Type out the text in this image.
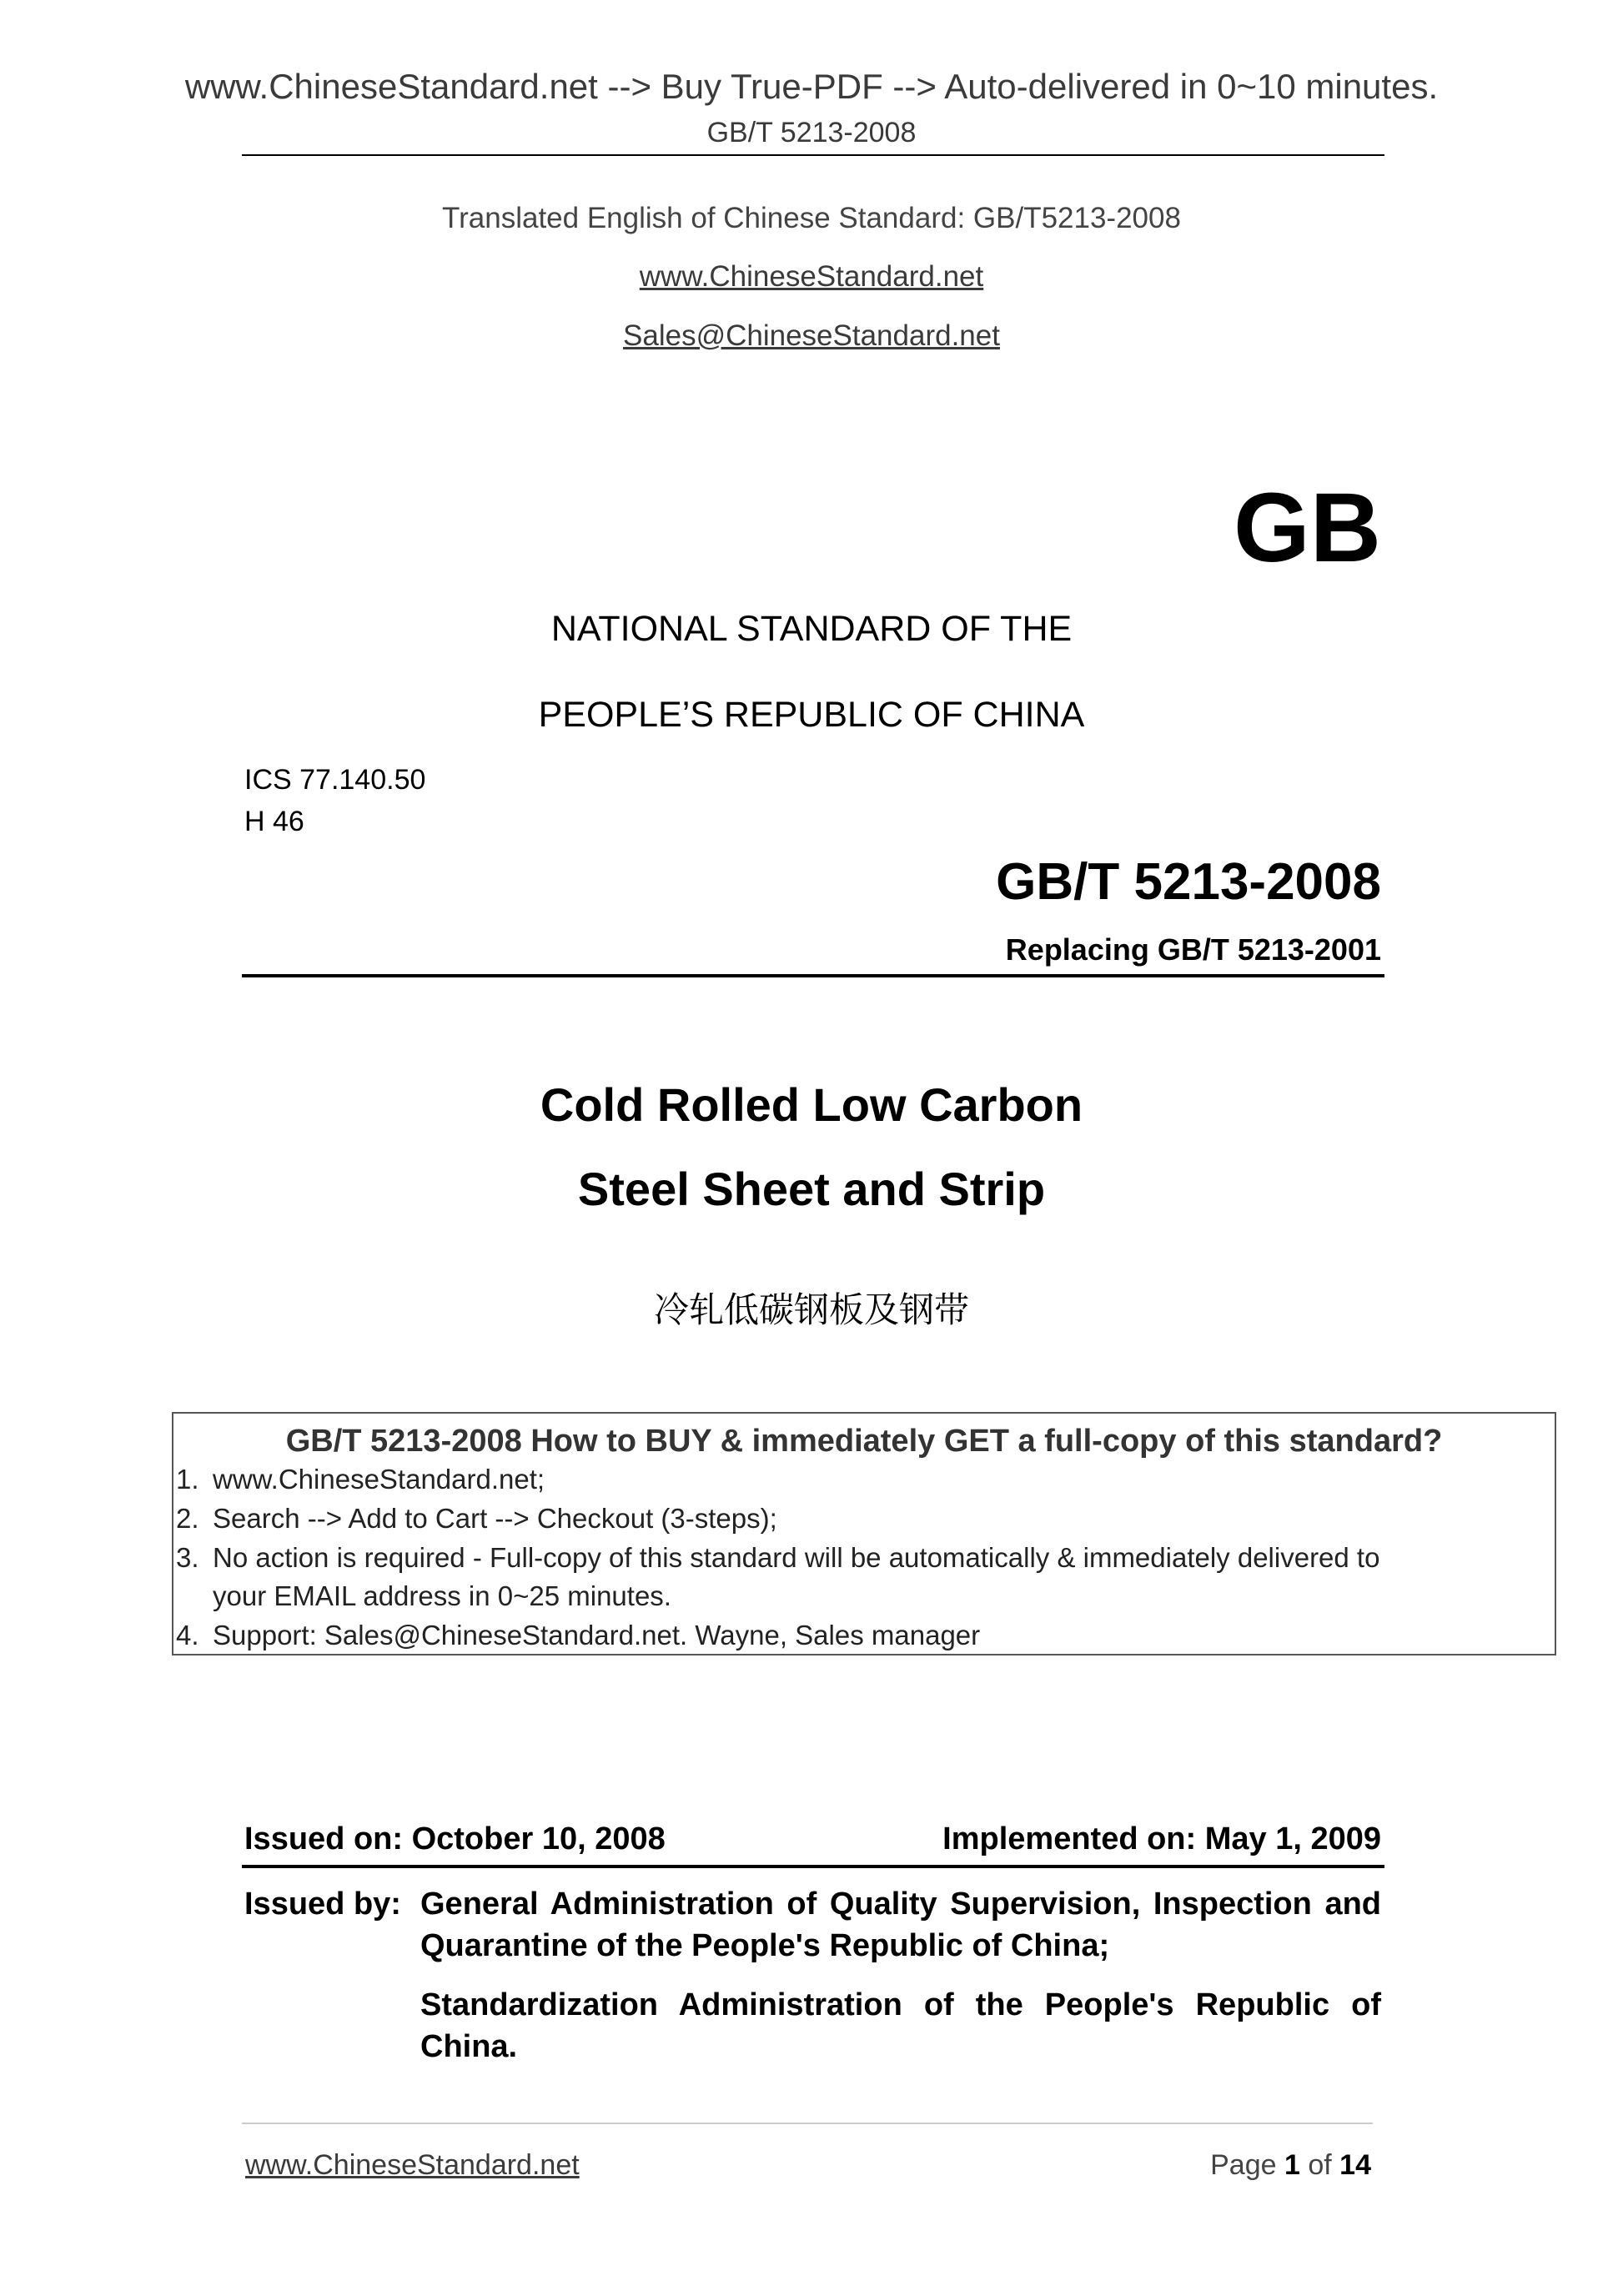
www.ChineseStandard.net --> Buy True-PDF --> Auto-delivered in 0~10 minutes.
GB/T 5213-2008
Translated English of Chinese Standard: GB/T5213-2008
www.ChineseStandard.net
Sales@ChineseStandard.net
GB
NATIONAL STANDARD OF THE
PEOPLE’S REPUBLIC OF CHINA
ICS 77.140.50
H 46
GB/T 5213-2008
Replacing GB/T 5213-2001
Cold Rolled Low Carbon
Steel Sheet and Strip
冷轧低碳钢板及钢带
GB/T 5213-2008 How to BUY & immediately GET a full-copy of this standard?
1. www.ChineseStandard.net;
2. Search --> Add to Cart --> Checkout (3-steps);
3. No action is required - Full-copy of this standard will be automatically & immediately delivered to
your EMAIL address in 0~25 minutes.
4. Support: Sales@ChineseStandard.net. Wayne, Sales manager
Issued on: October 10, 2008	Implemented on: May 1, 2009
Issued by: General Administration of Quality Supervision, Inspection and
Quarantine of the People's Republic of China;
Standardization Administration of the People's Republic of
China.
www.ChineseStandard.net	Page 1 of 14
